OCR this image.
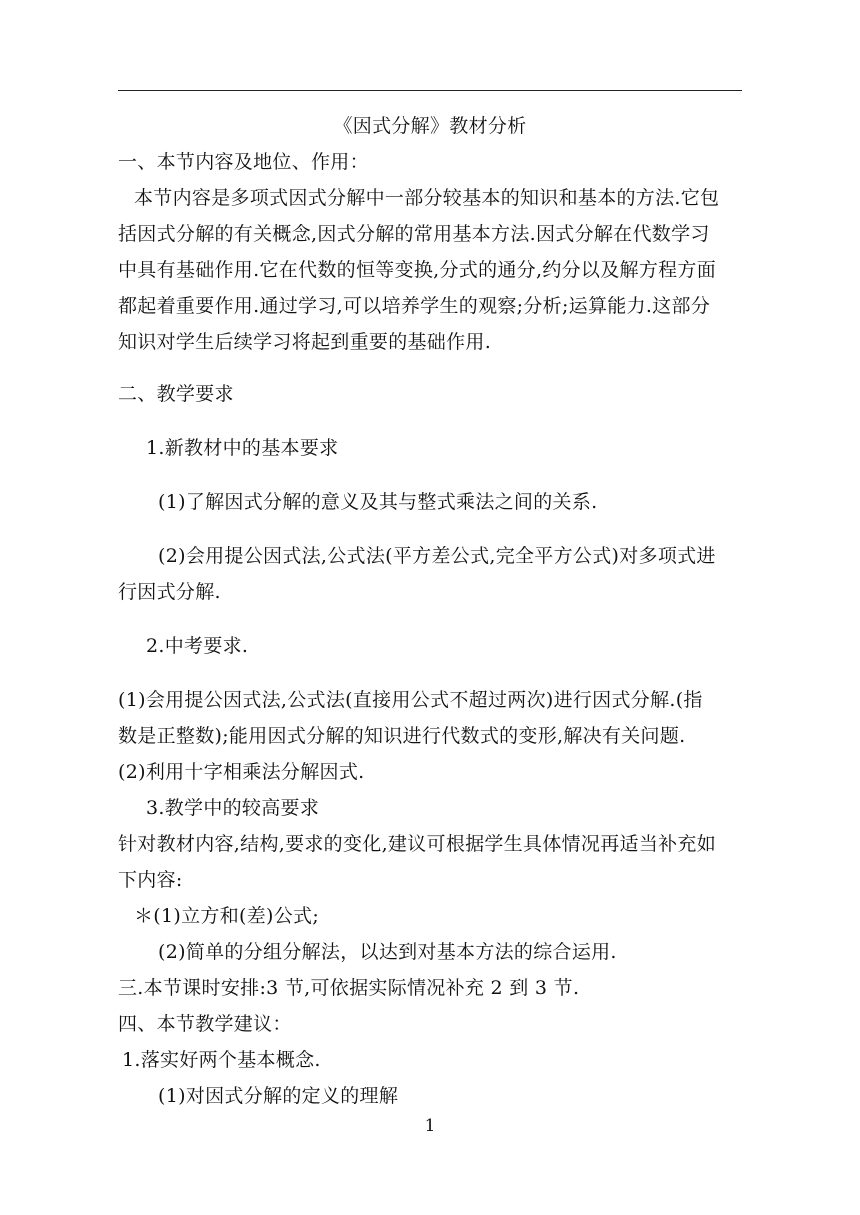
《因式分解》教材分析
一、本节内容及地位、作用：
本节内容是多项式因式分解中一部分较基本的知识和基本的方法.它包
括因式分解的有关概念,因式分解的常用基本方法.因式分解在代数学习
中具有基础作用.它在代数的恒等变换,分式的通分,约分以及解方程方面
都起着重要作用.通过学习,可以培养学生的观察;分析;运算能力.这部分
知识对学生后续学习将起到重要的基础作用.
二、教学要求
1.新教材中的基本要求
(1)了解因式分解的意义及其与整式乘法之间的关系.
(2)会用提公因式法,公式法(平方差公式,完全平方公式)对多项式进
行因式分解.
2.中考要求.
(1)会用提公因式法,公式法(直接用公式不超过两次)进行因式分解.(指
数是正整数);能用因式分解的知识进行代数式的变形,解决有关问题.
(2)利用十字相乘法分解因式.
3.教学中的较高要求
针对教材内容,结构,要求的变化,建议可根据学生具体情况再适当补充如
下内容:
＊(1)立方和(差)公式;
(2)简单的分组分解法，以达到对基本方法的综合运用.
三.本节课时安排:3 节,可依据实际情况补充 2 到 3 节.
四、本节教学建议：
1.落实好两个基本概念.
(1)对因式分解的定义的理解
1
